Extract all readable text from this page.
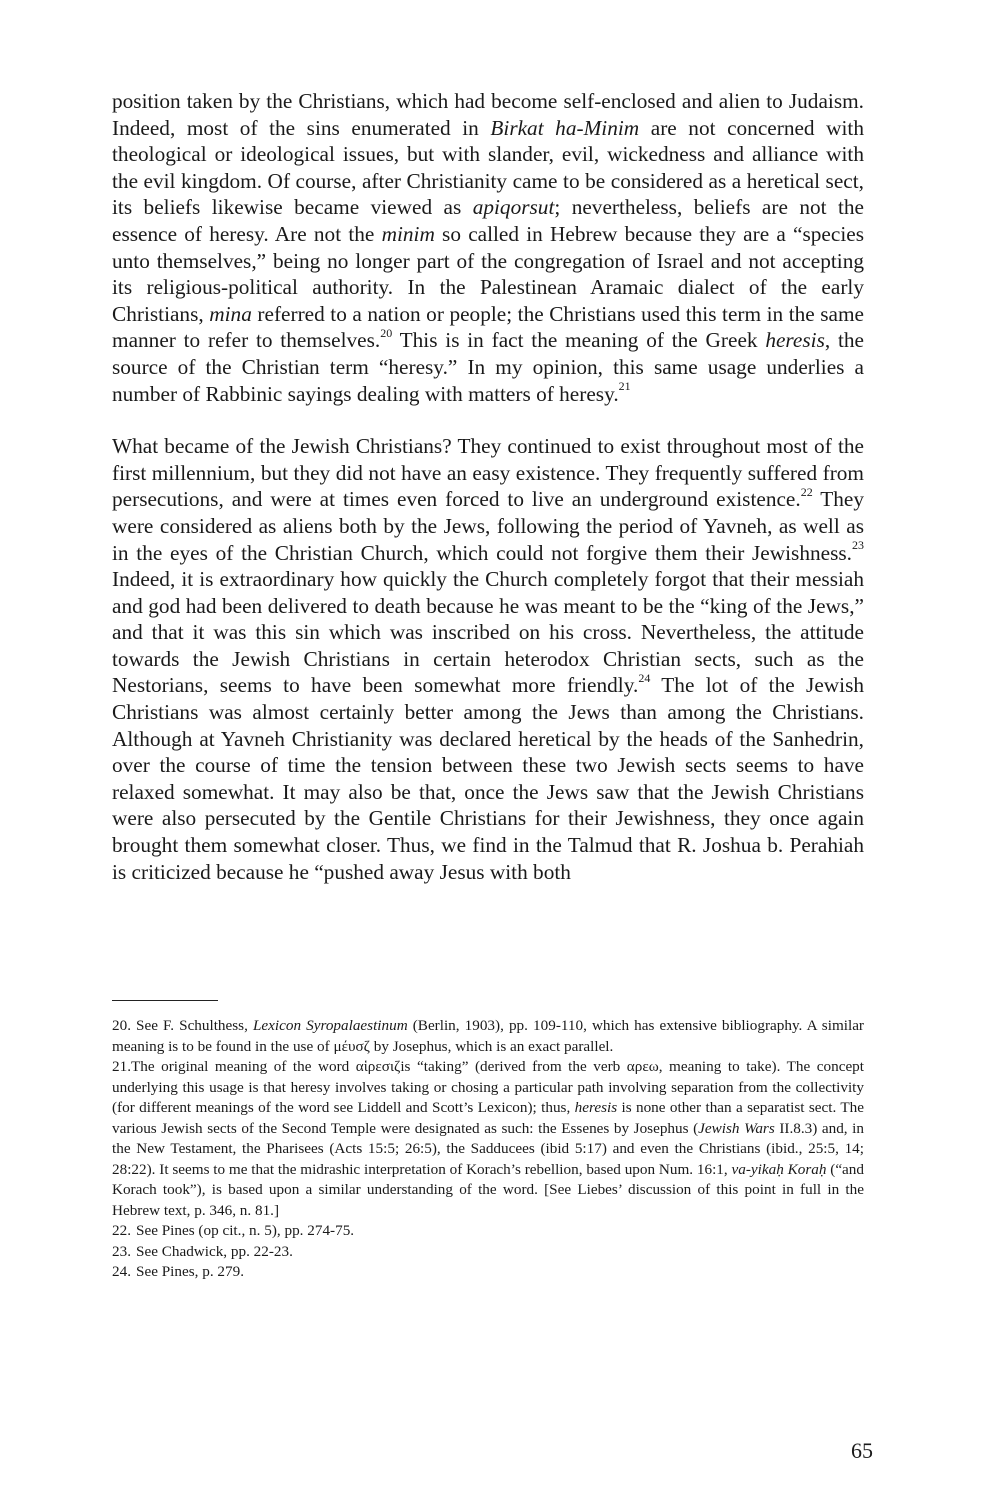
position taken by the Christians, which had become self-enclosed and alien to Judaism. Indeed, most of the sins enumerated in Birkat ha-Minim are not concerned with theological or ideological issues, but with slander, evil, wickedness and alliance with the evil kingdom. Of course, after Christianity came to be considered as a heretical sect, its beliefs likewise became viewed as apiqorsut; nevertheless, beliefs are not the essence of heresy. Are not the minim so called in Hebrew because they are a “species unto themselves,” being no longer part of the congregation of Israel and not accepting its religious-political authority. In the Palestinean Aramaic dialect of the early Christians, mina referred to a nation or people; the Christians used this term in the same manner to refer to themselves.$^{20}$ This is in fact the meaning of the Greek heresis, the source of the Christian term “heresy.” In my opinion, this same usage underlies a number of Rabbinic sayings dealing with matters of heresy.$^{21}$

What became of the Jewish Christians? They continued to exist throughout most of the first millennium, but they did not have an easy existence. They frequently suffered from persecutions, and were at times even forced to live an underground existence.$^{22}$ They were considered as aliens both by the Jews, following the period of Yavneh, as well as in the eyes of the Christian Church, which could not forgive them their Jewishness.$^{23}$ Indeed, it is extraordinary how quickly the Church completely forgot that their messiah and god had been delivered to death because he was meant to be the “king of the Jews,” and that it was this sin which was inscribed on his cross. Nevertheless, the attitude towards the Jewish Christians in certain heterodox Christian sects, such as the Nestorians, seems to have been somewhat more friendly.$^{24}$ The lot of the Jewish Christians was almost certainly better among the Jews than among the Christians. Although at Yavneh Christianity was declared heretical by the heads of the Sanhedrin, over the course of time the tension between these two Jewish sects seems to have relaxed somewhat. It may also be that, once the Jews saw that the Jewish Christians were also persecuted by the Gentile Christians for their Jewishness, they once again brought them somewhat closer. Thus, we find in the Talmud that R. Joshua b. Perahiah is criticized because he “pushed away Jesus with both

20. See F. Schulthess, Lexicon Syropalaestinum (Berlin, 1903), pp. 109-110, which has extensive bibliography. A similar meaning is to be found in the use of μέυσζ by Josephus, which is an exact parallel.

21.The original meaning of the word αἱρεσιζis “taking” (derived from the verb αρεω, meaning to take). The concept underlying this usage is that heresy involves taking or chosing a particular path involving separation from the collectivity (for different meanings of the word see Liddell and Scott’s Lexicon); thus, heresis is none other than a separatist sect. The various Jewish sects of the Second Temple were designated as such: the Essenes by Josephus (Jewish Wars II.8.3) and, in the New Testament, the Pharisees (Acts 15:5; 26:5), the Sadducees (ibid 5:17) and even the Christians (ibid., 25:5, 14; 28:22). It seems to me that the midrashic interpretation of Korach’s rebellion, based upon Num. 16:1, va-yikaḥ Koraḥ (“and Korach took”), is based upon a similar understanding of the word. [See Liebes’ discussion of this point in full in the Hebrew text, p. 346, n. 81.]

22. See Pines (op cit., n. 5), pp. 274-75.

23. See Chadwick, pp. 22-23.

24. See Pines, p. 279.

65
